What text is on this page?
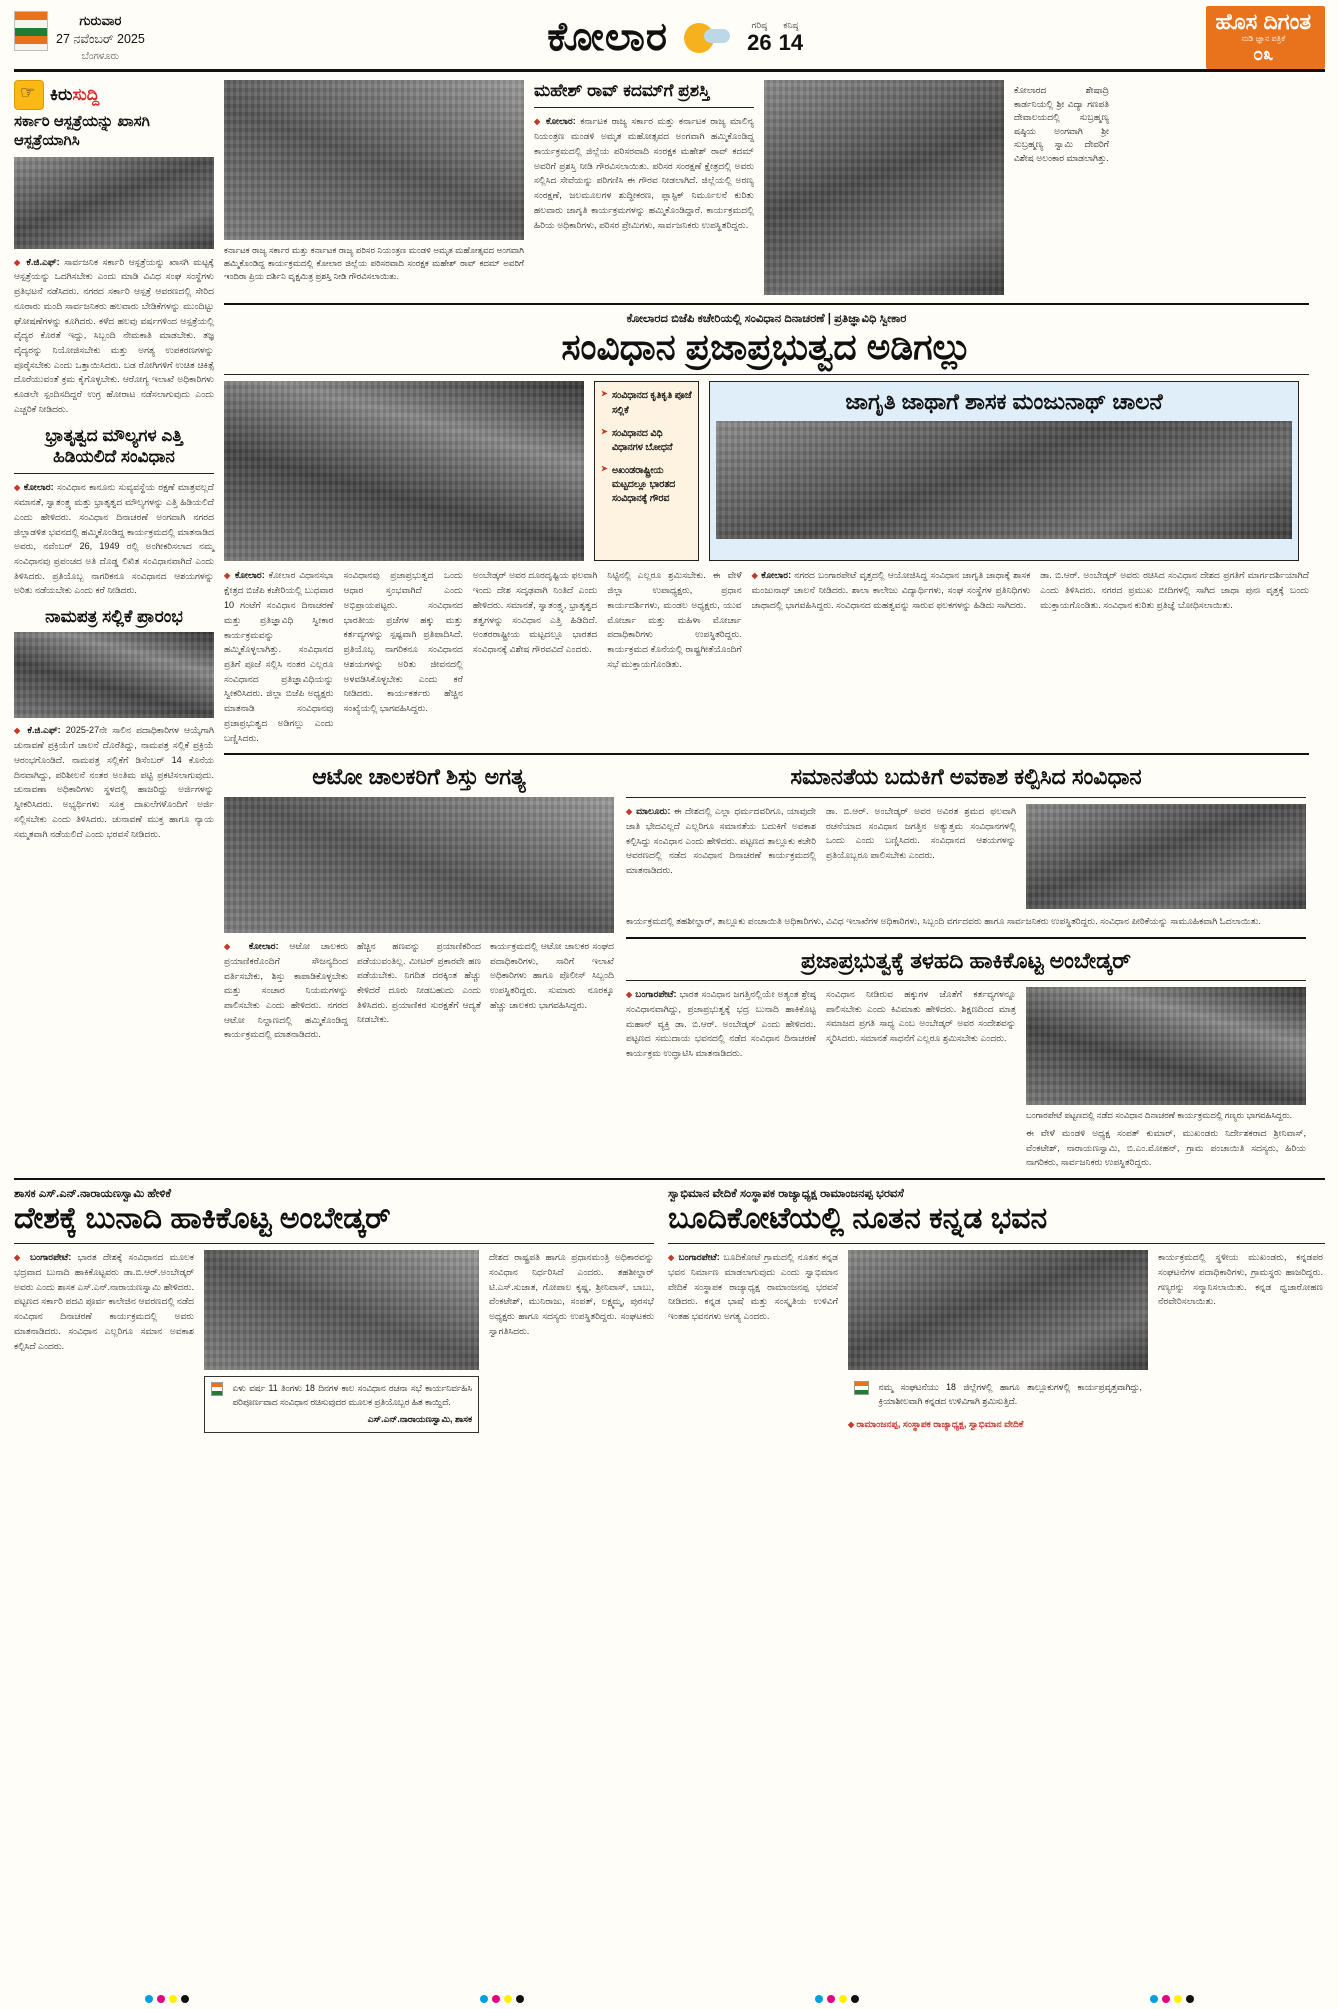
ಗುರುವಾರ
27 ನವೆಂಬರ್ 2025
ಬೆಂಗಳೂರು	ಕೋಲಾರ	ಗರಿಷ್ಠ
26
ಕನಿಷ್ಠ
14
ಹೊಸ ದಿಗಂತ
ನುಡಿ ಜ್ಞಾನ ಪತ್ರಿಕೆ
೦೩
☞
ಕಿರುಸುದ್ದಿ
ಸರ್ಕಾರಿ ಆಸ್ಪತ್ರೆಯನ್ನು ಖಾಸಗಿ ಆಸ್ಪತ್ರೆಯಾಗಿಸಿ
◆ ಕೆ.ಜಿ.ಎಫ್: ಸಾರ್ವಜನಿಕ ಸರ್ಕಾರಿ ಆಸ್ಪತ್ರೆಯನ್ನು ಖಾಸಗಿ ಮಟ್ಟಕ್ಕೆ ಆಸ್ಪತ್ರೆಯನ್ನು ಒದಗಿಸಬೇಕು ಎಂದು ಮಾಡಿ ವಿವಿಧ ಸಂಘ ಸಂಸ್ಥೆಗಳು ಪ್ರತಿಭಟನೆ ನಡೆಸಿದರು. ನಗರದ ಸರ್ಕಾರಿ ಆಸ್ಪತ್ರೆ ಆವರಣದಲ್ಲಿ ಸೇರಿದ ನೂರಾರು ಮಂದಿ ಸಾರ್ವಜನಿಕರು ಹಲವಾರು ಬೇಡಿಕೆಗಳನ್ನು ಮುಂದಿಟ್ಟು ಘೋಷಣೆಗಳನ್ನು ಕೂಗಿದರು. ಕಳೆದ ಹಲವು ವರ್ಷಗಳಿಂದ ಆಸ್ಪತ್ರೆಯಲ್ಲಿ ವೈದ್ಯರ ಕೊರತೆ ಇದ್ದು, ಸಿಬ್ಬಂದಿ ನೇಮಕಾತಿ ಮಾಡಬೇಕು. ತಜ್ಞ ವೈದ್ಯರನ್ನು ನಿಯೋಜಿಸಬೇಕು ಮತ್ತು ಅಗತ್ಯ ಉಪಕರಣಗಳನ್ನು ಪೂರೈಸಬೇಕು ಎಂದು ಒತ್ತಾಯಿಸಿದರು. ಬಡ ರೋಗಿಗಳಿಗೆ ಉಚಿತ ಚಿಕಿತ್ಸೆ ದೊರೆಯುವಂತೆ ಕ್ರಮ ಕೈಗೊಳ್ಳಬೇಕು. ಆರೋಗ್ಯ ಇಲಾಖೆ ಅಧಿಕಾರಿಗಳು ಕೂಡಲೇ ಸ್ಪಂದಿಸದಿದ್ದರೆ ಉಗ್ರ ಹೋರಾಟ ನಡೆಸಲಾಗುವುದು ಎಂದು ಎಚ್ಚರಿಕೆ ನೀಡಿದರು.
ಭ್ರಾತೃತ್ವದ ಮೌಲ್ಯಗಳ ಎತ್ತಿ ಹಿಡಿಯಲಿದೆ ಸಂವಿಧಾನ
◆ ಕೋಲಾರ: ಸಂವಿಧಾನ ಕಾನೂನು ಸುವ್ಯವಸ್ಥೆಯ ರಕ್ಷಣೆ ಮಾತ್ರವಲ್ಲದೆ ಸಮಾನತೆ, ಸ್ವಾತಂತ್ರ್ಯ ಮತ್ತು ಭ್ರಾತೃತ್ವದ ಮೌಲ್ಯಗಳನ್ನು ಎತ್ತಿ ಹಿಡಿಯಲಿದೆ ಎಂದು ಹೇಳಿದರು. ಸಂವಿಧಾನ ದಿನಾಚರಣೆ ಅಂಗವಾಗಿ ನಗರದ ಜಿಲ್ಲಾಡಳಿತ ಭವನದಲ್ಲಿ ಹಮ್ಮಿಕೊಂಡಿದ್ದ ಕಾರ್ಯಕ್ರಮದಲ್ಲಿ ಮಾತನಾಡಿದ ಅವರು, ನವೆಂಬರ್ 26, 1949 ರಲ್ಲಿ ಅಂಗೀಕರಿಸಲಾದ ನಮ್ಮ ಸಂವಿಧಾನವು ಪ್ರಪಂಚದ ಅತಿ ದೊಡ್ಡ ಲಿಖಿತ ಸಂವಿಧಾನವಾಗಿದೆ ಎಂದು ತಿಳಿಸಿದರು. ಪ್ರತಿಯೊಬ್ಬ ನಾಗರಿಕನೂ ಸಂವಿಧಾನದ ಆಶಯಗಳನ್ನು ಅರಿತು ನಡೆಯಬೇಕು ಎಂದು ಕರೆ ನೀಡಿದರು.
ನಾಮಪತ್ರ ಸಲ್ಲಿಕೆ ಪ್ರಾರಂಭ
◆ ಕೆ.ಜಿ.ಎಫ್: 2025-27ನೇ ಸಾಲಿನ ಪದಾಧಿಕಾರಿಗಳ ಆಯ್ಕೆಗಾಗಿ ಚುನಾವಣೆ ಪ್ರಕ್ರಿಯೆಗೆ ಚಾಲನೆ ದೊರೆತಿದ್ದು, ನಾಮಪತ್ರ ಸಲ್ಲಿಕೆ ಪ್ರಕ್ರಿಯೆ ಆರಂಭಗೊಂಡಿದೆ. ನಾಮಪತ್ರ ಸಲ್ಲಿಕೆಗೆ ಡಿಸೆಂಬರ್ 14 ಕೊನೆಯ ದಿನವಾಗಿದ್ದು, ಪರಿಶೀಲನೆ ನಂತರ ಅಂತಿಮ ಪಟ್ಟಿ ಪ್ರಕಟಿಸಲಾಗುವುದು. ಚುನಾವಣಾ ಅಧಿಕಾರಿಗಳು ಸ್ಥಳದಲ್ಲಿ ಹಾಜರಿದ್ದು ಅರ್ಜಿಗಳನ್ನು ಸ್ವೀಕರಿಸಿದರು. ಅಭ್ಯರ್ಥಿಗಳು ಸೂಕ್ತ ದಾಖಲೆಗಳೊಂದಿಗೆ ಅರ್ಜಿ ಸಲ್ಲಿಸಬೇಕು ಎಂದು ತಿಳಿಸಿದರು. ಚುನಾವಣೆ ಮುಕ್ತ ಹಾಗೂ ನ್ಯಾಯ ಸಮ್ಮತವಾಗಿ ನಡೆಯಲಿದೆ ಎಂದು ಭರವಸೆ ನೀಡಿದರು.
ಕರ್ನಾಟಕ ರಾಜ್ಯ ಸರ್ಕಾರ ಮತ್ತು ಕರ್ನಾಟಕ ರಾಜ್ಯ ಪರಿಸರ ನಿಯಂತ್ರಣ ಮಂಡಳಿ ಅಮೃತ ಮಹೋತ್ಸವದ ಅಂಗವಾಗಿ ಹಮ್ಮಿಕೊಂಡಿದ್ದ ಕಾರ್ಯಕ್ರಮದಲ್ಲಿ ಕೋಲಾರ ಜಿಲ್ಲೆಯ ಪರಿಸರವಾದಿ ಸಂರಕ್ಷಕ ಮಹೇಶ್ ರಾವ್ ಕದಮ್ ಅವರಿಗೆ ಇಂದಿರಾ ಪ್ರಿಯ ದರ್ಶಿನಿ ವೃಕ್ಷಮಿತ್ರ ಪ್ರಶಸ್ತಿ ನೀಡಿ ಗೌರವಿಸಲಾಯಿತು.
ಮಹೇಶ್ ರಾವ್ ಕದಮ್‌ಗೆ ಪ್ರಶಸ್ತಿ
◆ ಕೋಲಾರ: ಕರ್ನಾಟಕ ರಾಜ್ಯ ಸರ್ಕಾರ ಮತ್ತು ಕರ್ನಾಟಕ ರಾಜ್ಯ ಮಾಲಿನ್ಯ ನಿಯಂತ್ರಣ ಮಂಡಳಿ ಅಮೃತ ಮಹೋತ್ಸವದ ಅಂಗವಾಗಿ ಹಮ್ಮಿಕೊಂಡಿದ್ದ ಕಾರ್ಯಕ್ರಮದಲ್ಲಿ ಜಿಲ್ಲೆಯ ಪರಿಸರವಾದಿ ಸಂರಕ್ಷಕ ಮಹೇಶ್ ರಾವ್ ಕದಮ್ ಅವರಿಗೆ ಪ್ರಶಸ್ತಿ ನೀಡಿ ಗೌರವಿಸಲಾಯಿತು. ಪರಿಸರ ಸಂರಕ್ಷಣೆ ಕ್ಷೇತ್ರದಲ್ಲಿ ಅವರು ಸಲ್ಲಿಸಿದ ಸೇವೆಯನ್ನು ಪರಿಗಣಿಸಿ ಈ ಗೌರವ ನೀಡಲಾಗಿದೆ. ಜಿಲ್ಲೆಯಲ್ಲಿ ಅರಣ್ಯ ಸಂರಕ್ಷಣೆ, ಜಲಮೂಲಗಳ ಶುದ್ಧೀಕರಣ, ಪ್ಲಾಸ್ಟಿಕ್ ನಿರ್ಮೂಲನೆ ಕುರಿತು ಹಲವಾರು ಜಾಗೃತಿ ಕಾರ್ಯಕ್ರಮಗಳನ್ನು ಹಮ್ಮಿಕೊಂಡಿದ್ದಾರೆ. ಕಾರ್ಯಕ್ರಮದಲ್ಲಿ ಹಿರಿಯ ಅಧಿಕಾರಿಗಳು, ಪರಿಸರ ಪ್ರೇಮಿಗಳು, ಸಾರ್ವಜನಿಕರು ಉಪಸ್ಥಿತರಿದ್ದರು.
ಕೋಲಾರದ ಶೇಷಾದ್ರಿ ಕಾರ್ಡನಿಯಲ್ಲಿ ಶ್ರೀ ವಿದ್ಯಾ ಗಣಪತಿ ದೇವಾಲಯದಲ್ಲಿ ಸುಬ್ರಹ್ಮಣ್ಯ ಷಷ್ಠಿಯ ಅಂಗವಾಗಿ ಶ್ರೀ ಸುಬ್ರಹ್ಮಣ್ಯ ಸ್ವಾಮಿ ದೇವರಿಗೆ ವಿಶೇಷ ಅಲಂಕಾರ ಮಾಡಲಾಗಿತ್ತು.
ಕೋಲಾರದ ಬಿಜೆಪಿ ಕಚೇರಿಯಲ್ಲಿ ಸಂವಿಧಾನ ದಿನಾಚರಣೆ | ಪ್ರತಿಜ್ಞಾವಿಧಿ ಸ್ವೀಕಾರ
ಸಂವಿಧಾನ ಪ್ರಜಾಪ್ರಭುತ್ವದ ಅಡಿಗಲ್ಲು
➤ ಸಂವಿಧಾನದ ಕೃತಿಕೃತಿ ಪೂಜೆ ಸಲ್ಲಿಕೆ
➤ ಸಂವಿಧಾನದ ವಿಧಿ ವಿಧಾನಗಳ ಬೋಧನೆ
➤ ಅಖಂಡರಾಷ್ಟ್ರೀಯ ಮಟ್ಟದಲ್ಲೂ ಭಾರತದ ಸಂವಿಧಾನಕ್ಕೆ ಗೌರವ
ಜಾಗೃತಿ ಜಾಥಾಗೆ ಶಾಸಕ ಮಂಜುನಾಥ್ ಚಾಲನೆ
◆ ಕೋಲಾರ: ಕೋಲಾರ ವಿಧಾನಸಭಾ ಕ್ಷೇತ್ರದ ಬಿಜೆಪಿ ಕಚೇರಿಯಲ್ಲಿ ಬುಧವಾರ 10 ಗಂಟೆಗೆ ಸಂವಿಧಾನ ದಿನಾಚರಣೆ ಮತ್ತು ಪ್ರತಿಜ್ಞಾವಿಧಿ ಸ್ವೀಕಾರ ಕಾರ್ಯಕ್ರಮವನ್ನು ಹಮ್ಮಿಕೊಳ್ಳಲಾಗಿತ್ತು. ಸಂವಿಧಾನದ ಪ್ರತಿಗೆ ಪೂಜೆ ಸಲ್ಲಿಸಿ ನಂತರ ಎಲ್ಲರೂ ಸಂವಿಧಾನದ ಪ್ರತಿಜ್ಞಾವಿಧಿಯನ್ನು ಸ್ವೀಕರಿಸಿದರು. ಜಿಲ್ಲಾ ಬಿಜೆಪಿ ಅಧ್ಯಕ್ಷರು ಮಾತನಾಡಿ ಸಂವಿಧಾನವು ಪ್ರಜಾಪ್ರಭುತ್ವದ ಅಡಿಗಲ್ಲು ಎಂದು ಬಣ್ಣಿಸಿದರು.
ಸಂವಿಧಾನವು ಪ್ರಜಾಪ್ರಭುತ್ವದ ಒಂದು ಆಧಾರ ಸ್ತಂಭವಾಗಿದೆ ಎಂದು ಅಭಿಪ್ರಾಯಪಟ್ಟರು. ಸಂವಿಧಾನದ ಭಾರತೀಯ ಪ್ರಜೆಗಳ ಹಕ್ಕು ಮತ್ತು ಕರ್ತವ್ಯಗಳನ್ನು ಸ್ಪಷ್ಟವಾಗಿ ಪ್ರತಿಪಾದಿಸಿದೆ. ಪ್ರತಿಯೊಬ್ಬ ನಾಗರಿಕನೂ ಸಂವಿಧಾನದ ಆಶಯಗಳನ್ನು ಅರಿತು ಜೀವನದಲ್ಲಿ ಅಳವಡಿಸಿಕೊಳ್ಳಬೇಕು ಎಂದು ಕರೆ ನೀಡಿದರು. ಕಾರ್ಯಕರ್ತರು ಹೆಚ್ಚಿನ ಸಂಖ್ಯೆಯಲ್ಲಿ ಭಾಗವಹಿಸಿದ್ದರು.
ಅಂಬೇಡ್ಕರ್ ಅವರ ದೂರದೃಷ್ಟಿಯ ಫಲವಾಗಿ ಇಂದು ದೇಶ ಸದೃಢವಾಗಿ ನಿಂತಿದೆ ಎಂದು ಹೇಳಿದರು. ಸಮಾನತೆ, ಸ್ವಾತಂತ್ರ್ಯ, ಭ್ರಾತೃತ್ವದ ತತ್ವಗಳನ್ನು ಸಂವಿಧಾನ ಎತ್ತಿ ಹಿಡಿದಿದೆ. ಅಂತರರಾಷ್ಟ್ರೀಯ ಮಟ್ಟದಲ್ಲೂ ಭಾರತದ ಸಂವಿಧಾನಕ್ಕೆ ವಿಶೇಷ ಗೌರವವಿದೆ ಎಂದರು.
ನಿಟ್ಟಿನಲ್ಲಿ ಎಲ್ಲರೂ ಶ್ರಮಿಸಬೇಕು. ಈ ವೇಳೆ ಜಿಲ್ಲಾ ಉಪಾಧ್ಯಕ್ಷರು, ಪ್ರಧಾನ ಕಾರ್ಯದರ್ಶಿಗಳು, ಮಂಡಲ ಅಧ್ಯಕ್ಷರು, ಯುವ ಮೋರ್ಚಾ ಮತ್ತು ಮಹಿಳಾ ಮೋರ್ಚಾ ಪದಾಧಿಕಾರಿಗಳು ಉಪಸ್ಥಿತರಿದ್ದರು. ಕಾರ್ಯಕ್ರಮದ ಕೊನೆಯಲ್ಲಿ ರಾಷ್ಟ್ರಗೀತೆಯೊಂದಿಗೆ ಸಭೆ ಮುಕ್ತಾಯಗೊಂಡಿತು.
◆ ಕೋಲಾರ: ನಗರದ ಬಂಗಾರಪೇಟೆ ವೃತ್ತದಲ್ಲಿ ಆಯೋಜಿಸಿದ್ದ ಸಂವಿಧಾನ ಜಾಗೃತಿ ಜಾಥಾಕ್ಕೆ ಶಾಸಕ ಮಂಜುನಾಥ್ ಚಾಲನೆ ನೀಡಿದರು. ಶಾಲಾ ಕಾಲೇಜು ವಿದ್ಯಾರ್ಥಿಗಳು, ಸಂಘ ಸಂಸ್ಥೆಗಳ ಪ್ರತಿನಿಧಿಗಳು ಜಾಥಾದಲ್ಲಿ ಭಾಗವಹಿಸಿದ್ದರು. ಸಂವಿಧಾನದ ಮಹತ್ವವನ್ನು ಸಾರುವ ಫಲಕಗಳನ್ನು ಹಿಡಿದು ಸಾಗಿದರು.
ಡಾ. ಬಿ.ಆರ್. ಅಂಬೇಡ್ಕರ್ ಅವರು ರಚಿಸಿದ ಸಂವಿಧಾನ ದೇಶದ ಪ್ರಗತಿಗೆ ಮಾರ್ಗದರ್ಶಿಯಾಗಿದೆ ಎಂದು ತಿಳಿಸಿದರು. ನಗರದ ಪ್ರಮುಖ ಬೀದಿಗಳಲ್ಲಿ ಸಾಗಿದ ಜಾಥಾ ಪುನಃ ವೃತ್ತಕ್ಕೆ ಬಂದು ಮುಕ್ತಾಯಗೊಂಡಿತು. ಸಂವಿಧಾನ ಕುರಿತು ಪ್ರತಿಜ್ಞೆ ಬೋಧಿಸಲಾಯಿತು.
ಆಟೋ ಚಾಲಕರಿಗೆ ಶಿಸ್ತು ಅಗತ್ಯ
◆ ಕೋಲಾರ: ಆಟೋ ಚಾಲಕರು ಪ್ರಯಾಣಿಕರೊಂದಿಗೆ ಸೌಜನ್ಯದಿಂದ ವರ್ತಿಸಬೇಕು, ಶಿಸ್ತು ಕಾಪಾಡಿಕೊಳ್ಳಬೇಕು ಮತ್ತು ಸಂಚಾರ ನಿಯಮಗಳನ್ನು ಪಾಲಿಸಬೇಕು ಎಂದು ಹೇಳಿದರು. ನಗರದ ಆಟೋ ನಿಲ್ದಾಣದಲ್ಲಿ ಹಮ್ಮಿಕೊಂಡಿದ್ದ ಕಾರ್ಯಕ್ರಮದಲ್ಲಿ ಮಾತನಾಡಿದರು.
ಹೆಚ್ಚಿನ ಹಣವನ್ನು ಪ್ರಯಾಣಿಕರಿಂದ ಪಡೆಯುವಂತಿಲ್ಲ. ಮೀಟರ್ ಪ್ರಕಾರವೇ ಹಣ ಪಡೆಯಬೇಕು. ನಿಗದಿತ ದರಕ್ಕಿಂತ ಹೆಚ್ಚು ಕೇಳಿದರೆ ದೂರು ನೀಡಬಹುದು ಎಂದು ತಿಳಿಸಿದರು. ಪ್ರಯಾಣಿಕರ ಸುರಕ್ಷತೆಗೆ ಆದ್ಯತೆ ನೀಡಬೇಕು.
ಕಾರ್ಯಕ್ರಮದಲ್ಲಿ ಆಟೋ ಚಾಲಕರ ಸಂಘದ ಪದಾಧಿಕಾರಿಗಳು, ಸಾರಿಗೆ ಇಲಾಖೆ ಅಧಿಕಾರಿಗಳು ಹಾಗೂ ಪೊಲೀಸ್ ಸಿಬ್ಬಂದಿ ಉಪಸ್ಥಿತರಿದ್ದರು. ಸುಮಾರು ನೂರಕ್ಕೂ ಹೆಚ್ಚು ಚಾಲಕರು ಭಾಗವಹಿಸಿದ್ದರು.
ಸಮಾನತೆಯ ಬದುಕಿಗೆ ಅವಕಾಶ ಕಲ್ಪಿಸಿದ ಸಂವಿಧಾನ
◆ ಮಾಲೂರು: ಈ ದೇಶದಲ್ಲಿ ಎಲ್ಲಾ ಧರ್ಮದವರಿಗೂ, ಯಾವುದೇ ಜಾತಿ ಭೇದವಿಲ್ಲದೆ ಎಲ್ಲರಿಗೂ ಸಮಾನತೆಯ ಬದುಕಿಗೆ ಅವಕಾಶ ಕಲ್ಪಿಸಿದ್ದು ಸಂವಿಧಾನ ಎಂದು ಹೇಳಿದರು. ಪಟ್ಟಣದ ತಾಲ್ಲೂಕು ಕಚೇರಿ ಆವರಣದಲ್ಲಿ ನಡೆದ ಸಂವಿಧಾನ ದಿನಾಚರಣೆ ಕಾರ್ಯಕ್ರಮದಲ್ಲಿ ಮಾತನಾಡಿದರು.
ಡಾ. ಬಿ.ಆರ್. ಅಂಬೇಡ್ಕರ್ ಅವರ ಅವಿರತ ಶ್ರಮದ ಫಲವಾಗಿ ರಚನೆಯಾದ ಸಂವಿಧಾನ ಜಗತ್ತಿನ ಅತ್ಯುತ್ತಮ ಸಂವಿಧಾನಗಳಲ್ಲಿ ಒಂದು ಎಂದು ಬಣ್ಣಿಸಿದರು. ಸಂವಿಧಾನದ ಆಶಯಗಳನ್ನು ಪ್ರತಿಯೊಬ್ಬರೂ ಪಾಲಿಸಬೇಕು ಎಂದರು.
ಕಾರ್ಯಕ್ರಮದಲ್ಲಿ ತಹಶೀಲ್ದಾರ್, ತಾಲ್ಲೂಕು ಪಂಚಾಯಿತಿ ಅಧಿಕಾರಿಗಳು, ವಿವಿಧ ಇಲಾಖೆಗಳ ಅಧಿಕಾರಿಗಳು, ಸಿಬ್ಬಂದಿ ವರ್ಗದವರು ಹಾಗೂ ಸಾರ್ವಜನಿಕರು ಉಪಸ್ಥಿತರಿದ್ದರು. ಸಂವಿಧಾನ ಪೀಠಿಕೆಯನ್ನು ಸಾಮೂಹಿಕವಾಗಿ ಓದಲಾಯಿತು.
ಪ್ರಜಾಪ್ರಭುತ್ವಕ್ಕೆ ತಳಹದಿ ಹಾಕಿಕೊಟ್ಟ ಅಂಬೇಡ್ಕರ್
◆ ಬಂಗಾರಪೇಟೆ: ಭಾರತ ಸಂವಿಧಾನ ಜಗತ್ತಿನಲ್ಲಿಯೇ ಅತ್ಯಂತ ಶ್ರೇಷ್ಠ ಸಂವಿಧಾನವಾಗಿದ್ದು, ಪ್ರಜಾಪ್ರಭುತ್ವಕ್ಕೆ ಭದ್ರ ಬುನಾದಿ ಹಾಕಿಕೊಟ್ಟ ಮಹಾನ್ ವ್ಯಕ್ತಿ ಡಾ. ಬಿ.ಆರ್. ಅಂಬೇಡ್ಕರ್ ಎಂದು ಹೇಳಿದರು. ಪಟ್ಟಣದ ಸಮುದಾಯ ಭವನದಲ್ಲಿ ನಡೆದ ಸಂವಿಧಾನ ದಿನಾಚರಣೆ ಕಾರ್ಯಕ್ರಮ ಉದ್ಘಾಟಿಸಿ ಮಾತನಾಡಿದರು.
ಸಂವಿಧಾನ ನೀಡಿರುವ ಹಕ್ಕುಗಳ ಜೊತೆಗೆ ಕರ್ತವ್ಯಗಳನ್ನೂ ಪಾಲಿಸಬೇಕು ಎಂದು ಕಿವಿಮಾತು ಹೇಳಿದರು. ಶಿಕ್ಷಣದಿಂದ ಮಾತ್ರ ಸಮಾಜದ ಪ್ರಗತಿ ಸಾಧ್ಯ ಎಂಬ ಅಂಬೇಡ್ಕರ್ ಅವರ ಸಂದೇಶವನ್ನು ಸ್ಮರಿಸಿದರು. ಸಮಾನತೆ ಸಾಧನೆಗೆ ಎಲ್ಲರೂ ಶ್ರಮಿಸಬೇಕು ಎಂದರು.
ಬಂಗಾರಪೇಟೆ ಪಟ್ಟಣದಲ್ಲಿ ನಡೆದ ಸಂವಿಧಾನ ದಿನಾಚರಣೆ ಕಾರ್ಯಕ್ರಮದಲ್ಲಿ ಗಣ್ಯರು ಭಾಗವಹಿಸಿದ್ದರು.
ಈ ವೇಳೆ ಮಂಡಳಿ ಅಧ್ಯಕ್ಷ ಸಂಪತ್ ಕುಮಾರ್, ಮುಖಂಡರು ನಿರ್ದೇಶಕರಾದ ಶ್ರೀನಿವಾಸ್, ವೆಂಕಟೇಶ್, ನಾರಾಯಣಸ್ವಾಮಿ, ಬಿ.ಎಂ.ಮೋಹನ್, ಗ್ರಾಮ ಪಂಚಾಯಿತಿ ಸದಸ್ಯರು, ಹಿರಿಯ ನಾಗರಿಕರು, ಸಾರ್ವಜನಿಕರು ಉಪಸ್ಥಿತರಿದ್ದರು.
ಶಾಸಕ ಎಸ್.ಎನ್.ನಾರಾಯಣಸ್ವಾಮಿ ಹೇಳಿಕೆ
ದೇಶಕ್ಕೆ ಬುನಾದಿ ಹಾಕಿಕೊಟ್ಟ ಅಂಬೇಡ್ಕರ್
◆ ಬಂಗಾರಪೇಟೆ: ಭಾರತ ದೇಶಕ್ಕೆ ಸಂವಿಧಾನದ ಮೂಲಕ ಭದ್ರವಾದ ಬುನಾದಿ ಹಾಕಿಕೊಟ್ಟವರು ಡಾ.ಬಿ.ಆರ್.ಅಂಬೇಡ್ಕರ್ ಅವರು ಎಂದು ಶಾಸಕ ಎಸ್.ಎನ್.ನಾರಾಯಣಸ್ವಾಮಿ ಹೇಳಿದರು. ಪಟ್ಟಣದ ಸರ್ಕಾರಿ ಪದವಿ ಪೂರ್ವ ಕಾಲೇಜಿನ ಆವರಣದಲ್ಲಿ ನಡೆದ ಸಂವಿಧಾನ ದಿನಾಚರಣೆ ಕಾರ್ಯಕ್ರಮದಲ್ಲಿ ಅವರು ಮಾತನಾಡಿದರು. ಸಂವಿಧಾನ ಎಲ್ಲರಿಗೂ ಸಮಾನ ಅವಕಾಶ ಕಲ್ಪಿಸಿದೆ ಎಂದರು.
ಏಳು ವರ್ಷ 11 ತಿಂಗಳು 18 ದಿನಗಳ ಕಾಲ ಸಂವಿಧಾನ ರಚನಾ ಸಭೆ ಕಾರ್ಯನಿರ್ವಹಿಸಿ ಪರಿಪೂರ್ಣವಾದ ಸಂವಿಧಾನ ರಚಿಸುವುದರ ಮೂಲಕ ಪ್ರತಿಯೊಬ್ಬರ ಹಿತ ಕಾಯ್ದಿದೆ.
ಎಸ್.ಎನ್.ನಾರಾಯಣಸ್ವಾಮಿ, ಶಾಸಕ
ದೇಶದ ರಾಷ್ಟ್ರಪತಿ ಹಾಗೂ ಪ್ರಧಾನಮಂತ್ರಿ ಅಧಿಕಾರವನ್ನು ಸಂವಿಧಾನ ನಿರ್ಧರಿಸಿದೆ ಎಂದರು. ತಹಶೀಲ್ದಾರ್ ಟಿ.ಎಸ್.ಸುಜಾತ, ಗೋಪಾಲ ಕೃಷ್ಣ, ಶ್ರೀನಿವಾಸ್, ಬಾಬು, ವೆಂಕಟೇಶ್, ಮುನಿರಾಜು, ಸಂಪತ್, ಲಕ್ಷ್ಮಮ್ಮ, ಪುರಸಭೆ ಅಧ್ಯಕ್ಷರು ಹಾಗೂ ಸದಸ್ಯರು ಉಪಸ್ಥಿತರಿದ್ದರು. ಸಂಘಟಕರು ಸ್ವಾಗತಿಸಿದರು.
ಸ್ವಾಭಿಮಾನ ವೇದಿಕೆ ಸಂಸ್ಥಾಪಕ ರಾಜ್ಯಾಧ್ಯಕ್ಷ ರಾಮಾಂಜನಪ್ಪ ಭರವಸೆ
ಬೂದಿಕೋಟೆಯಲ್ಲಿ ನೂತನ ಕನ್ನಡ ಭವನ
◆ ಬಂಗಾರಪೇಟೆ: ಬೂದಿಕೋಟೆ ಗ್ರಾಮದಲ್ಲಿ ನೂತನ ಕನ್ನಡ ಭವನ ನಿರ್ಮಾಣ ಮಾಡಲಾಗುವುದು ಎಂದು ಸ್ವಾಭಿಮಾನ ವೇದಿಕೆ ಸಂಸ್ಥಾಪಕ ರಾಜ್ಯಾಧ್ಯಕ್ಷ ರಾಮಾಂಜನಪ್ಪ ಭರವಸೆ ನೀಡಿದರು. ಕನ್ನಡ ಭಾಷೆ ಮತ್ತು ಸಂಸ್ಕೃತಿಯ ಉಳಿವಿಗೆ ಇಂತಹ ಭವನಗಳು ಅಗತ್ಯ ಎಂದರು.
ನಮ್ಮ ಸಂಘಟನೆಯು 18 ಜಿಲ್ಲೆಗಳಲ್ಲಿ ಹಾಗೂ ತಾಲ್ಲೂಕುಗಳಲ್ಲಿ ಕಾರ್ಯಪ್ರವೃತ್ತವಾಗಿದ್ದು, ಕ್ರಿಯಾಶೀಲವಾಗಿ ಕನ್ನಡದ ಉಳಿವಿಗಾಗಿ ಶ್ರಮಿಸುತ್ತಿದೆ.
◆ ರಾಮಾಂಜನಪ್ಪ, ಸಂಸ್ಥಾಪಕ ರಾಜ್ಯಾಧ್ಯಕ್ಷ, ಸ್ವಾಭಿಮಾನ ವೇದಿಕೆ
ಕಾರ್ಯಕ್ರಮದಲ್ಲಿ ಸ್ಥಳೀಯ ಮುಖಂಡರು, ಕನ್ನಡಪರ ಸಂಘಟನೆಗಳ ಪದಾಧಿಕಾರಿಗಳು, ಗ್ರಾಮಸ್ಥರು ಹಾಜರಿದ್ದರು. ಗಣ್ಯರನ್ನು ಸನ್ಮಾನಿಸಲಾಯಿತು. ಕನ್ನಡ ಧ್ವಜಾರೋಹಣ ನೆರವೇರಿಸಲಾಯಿತು.
